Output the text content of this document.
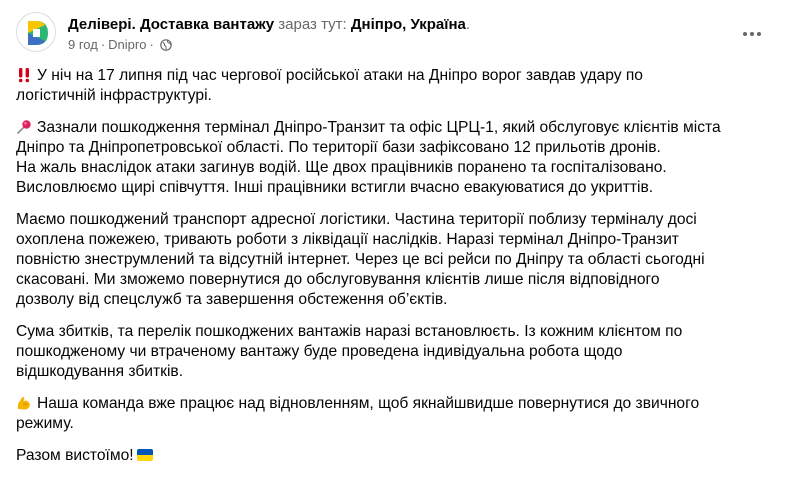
Делівері. Доставка вантажу зараз тут: Дніпро, Україна.
9 год · Dnipro ·

У ніч на 17 липня під час чергової російської атаки на Дніпро ворог завдав удару по

логістичній інфраструктурі.

Зазнали пошкодження термінал Дніпро-Транзит та офіс ЦРЦ-1, який обслуговує клієнтів міста

Дніпро та Дніпропетровської області. По території бази зафіксовано 12 прильотів дронів.

На жаль внаслідок атаки загинув водій. Ще двох працівників поранено та госпіталізовано.

Висловлюємо щирі співчуття. Інші працівники встигли вчасно евакуюватися до укриттів.

Маємо пошкоджений транспорт адресної логістики. Частина території поблизу терміналу досі

охоплена пожежею, тривають роботи з ліквідації наслідків. Наразі термінал Дніпро-Транзит

повністю знеструмлений та відсутній інтернет. Через це всі рейси по Дніпру та області сьогодні

скасовані. Ми зможемо повернутися до обслуговування клієнтів лише після відповідного

дозволу від спецслужб та завершення обстеження об’єктів.

Сума збитків, та перелік пошкоджених вантажів наразі встановлюєть. Із кожним клієнтом по

пошкодженому чи втраченому вантажу буде проведена індивідуальна робота щодо

відшкодування збитків.

Наша команда вже працює над відновленням, щоб якнайшвидше повернутися до звичного

режиму.

Разом вистоїмо!
